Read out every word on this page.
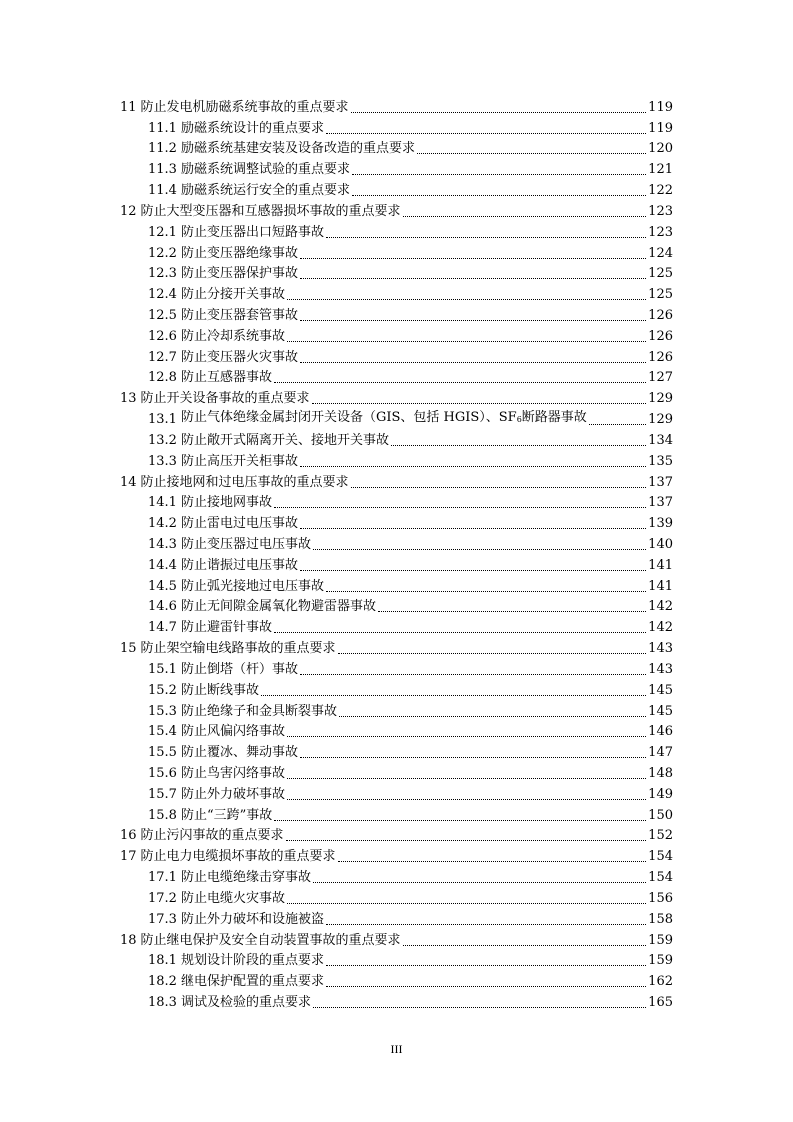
11 防止发电机励磁系统事故的重点要求	119
11.1 励磁系统设计的重点要求	119
11.2 励磁系统基建安装及设备改造的重点要求	120
11.3 励磁系统调整试验的重点要求	121
11.4 励磁系统运行安全的重点要求	122
12 防止大型变压器和互感器损坏事故的重点要求	123
12.1 防止变压器出口短路事故	123
12.2 防止变压器绝缘事故	124
12.3 防止变压器保护事故	125
12.4 防止分接开关事故	125
12.5 防止变压器套管事故	126
12.6 防止冷却系统事故	126
12.7 防止变压器火灾事故	126
12.8 防止互感器事故	127
13 防止开关设备事故的重点要求	129
13.1 防止气体绝缘金属封闭开关设备（GIS、包括 HGIS）、$SF_6$断路器事故	129
13.2 防止敞开式隔离开关、接地开关事故	134
13.3 防止高压开关柜事故	135
14 防止接地网和过电压事故的重点要求	137
14.1 防止接地网事故	137
14.2 防止雷电过电压事故	139
14.3 防止变压器过电压事故	140
14.4 防止谐振过电压事故	141
14.5 防止弧光接地过电压事故	141
14.6 防止无间隙金属氧化物避雷器事故	142
14.7 防止避雷针事故	142
15 防止架空输电线路事故的重点要求	143
15.1 防止倒塔（杆）事故	143
15.2 防止断线事故	145
15.3 防止绝缘子和金具断裂事故	145
15.4 防止风偏闪络事故	146
15.5 防止覆冰、舞动事故	147
15.6 防止鸟害闪络事故	148
15.7 防止外力破坏事故	149
15.8 防止“三跨”事故	150
16 防止污闪事故的重点要求	152
17 防止电力电缆损坏事故的重点要求	154
17.1 防止电缆绝缘击穿事故	154
17.2 防止电缆火灾事故	156
17.3 防止外力破坏和设施被盗	158
18 防止继电保护及安全自动装置事故的重点要求	159
18.1 规划设计阶段的重点要求	159
18.2 继电保护配置的重点要求	162
18.3 调试及检验的重点要求	165
III
